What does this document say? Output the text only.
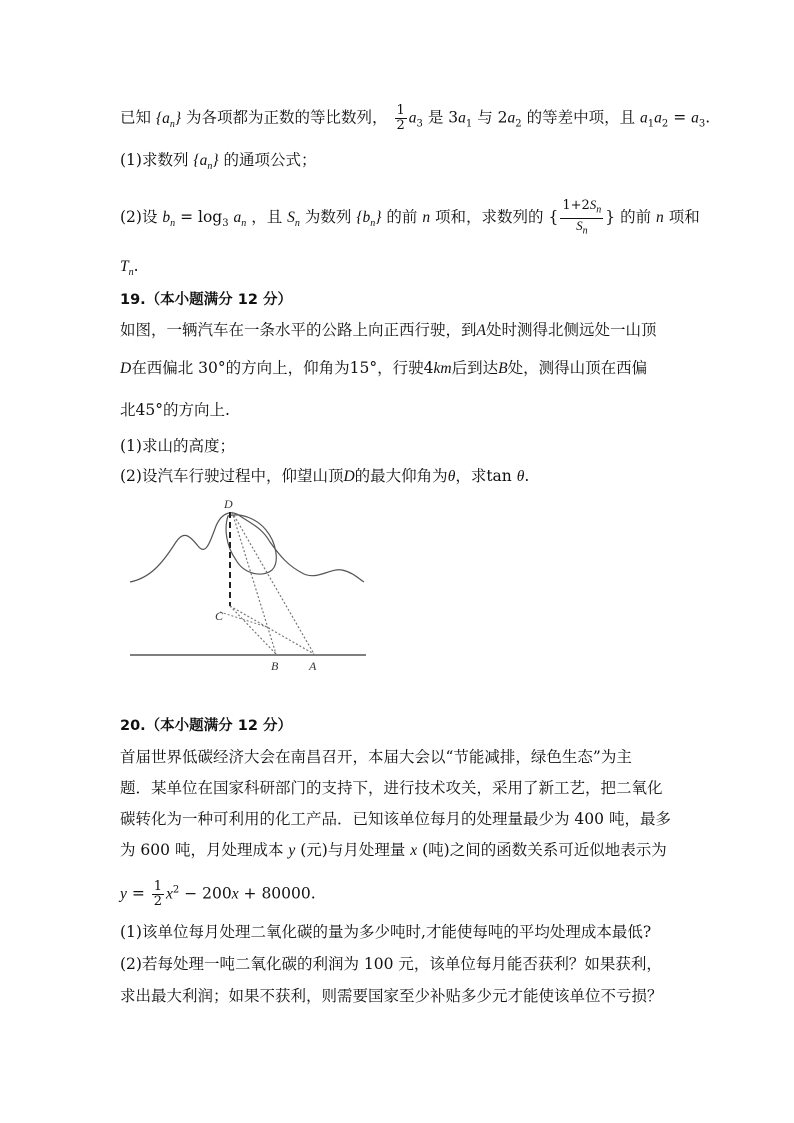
已知 $\{a_n\}$ 为各项都为正数的等比数列， $\frac{1}{2} a_3$ 是 $3a_1$ 与 $2a_2$ 的等差中项，且 $a_1a_2 = a_3$.
(1)求数列 $\{a_n\}$ 的通项公式；
(2)设 $b_n = \log_3 a_n$ ，且 $S_n$ 为数列 $\{b_n\}$ 的前 n 项和，求数列的 { $\frac{1+2S_n}{S_n}$ } 的前 n 项和
$T_n$.
19.（本小题满分 12 分）
如图，一辆汽车在一条水平的公路上向正西行驶，到A处时测得北侧远处一山顶
D在西偏北 30°的方向上，仰角为15°，行驶4km后到达B处，测得山顶在西偏
北45°的方向上.
(1)求山的高度；
(2)设汽车行驶过程中，仰望山顶D的最大仰角为θ，求tan θ.
D
C
B	A
20.（本小题满分 12 分）
首届世界低碳经济大会在南昌召开，本届大会以“节能减排，绿色生态”为主
题．某单位在国家科研部门的支持下，进行技术攻关，采用了新工艺，把二氧化
碳转化为一种可利用的化工产品．已知该单位每月的处理量最少为 400 吨，最多
为 600 吨，月处理成本 y (元)与月处理量 x (吨)之间的函数关系可近似地表示为
$y = \frac{1}{2} x^2 - 200x + 80000$.
(1)该单位每月处理二氧化碳的量为多少吨时,才能使每吨的平均处理成本最低?
(2)若每处理一吨二氧化碳的利润为 100 元，该单位每月能否获利？如果获利，
求出最大利润；如果不获利，则需要国家至少补贴多少元才能使该单位不亏损？
